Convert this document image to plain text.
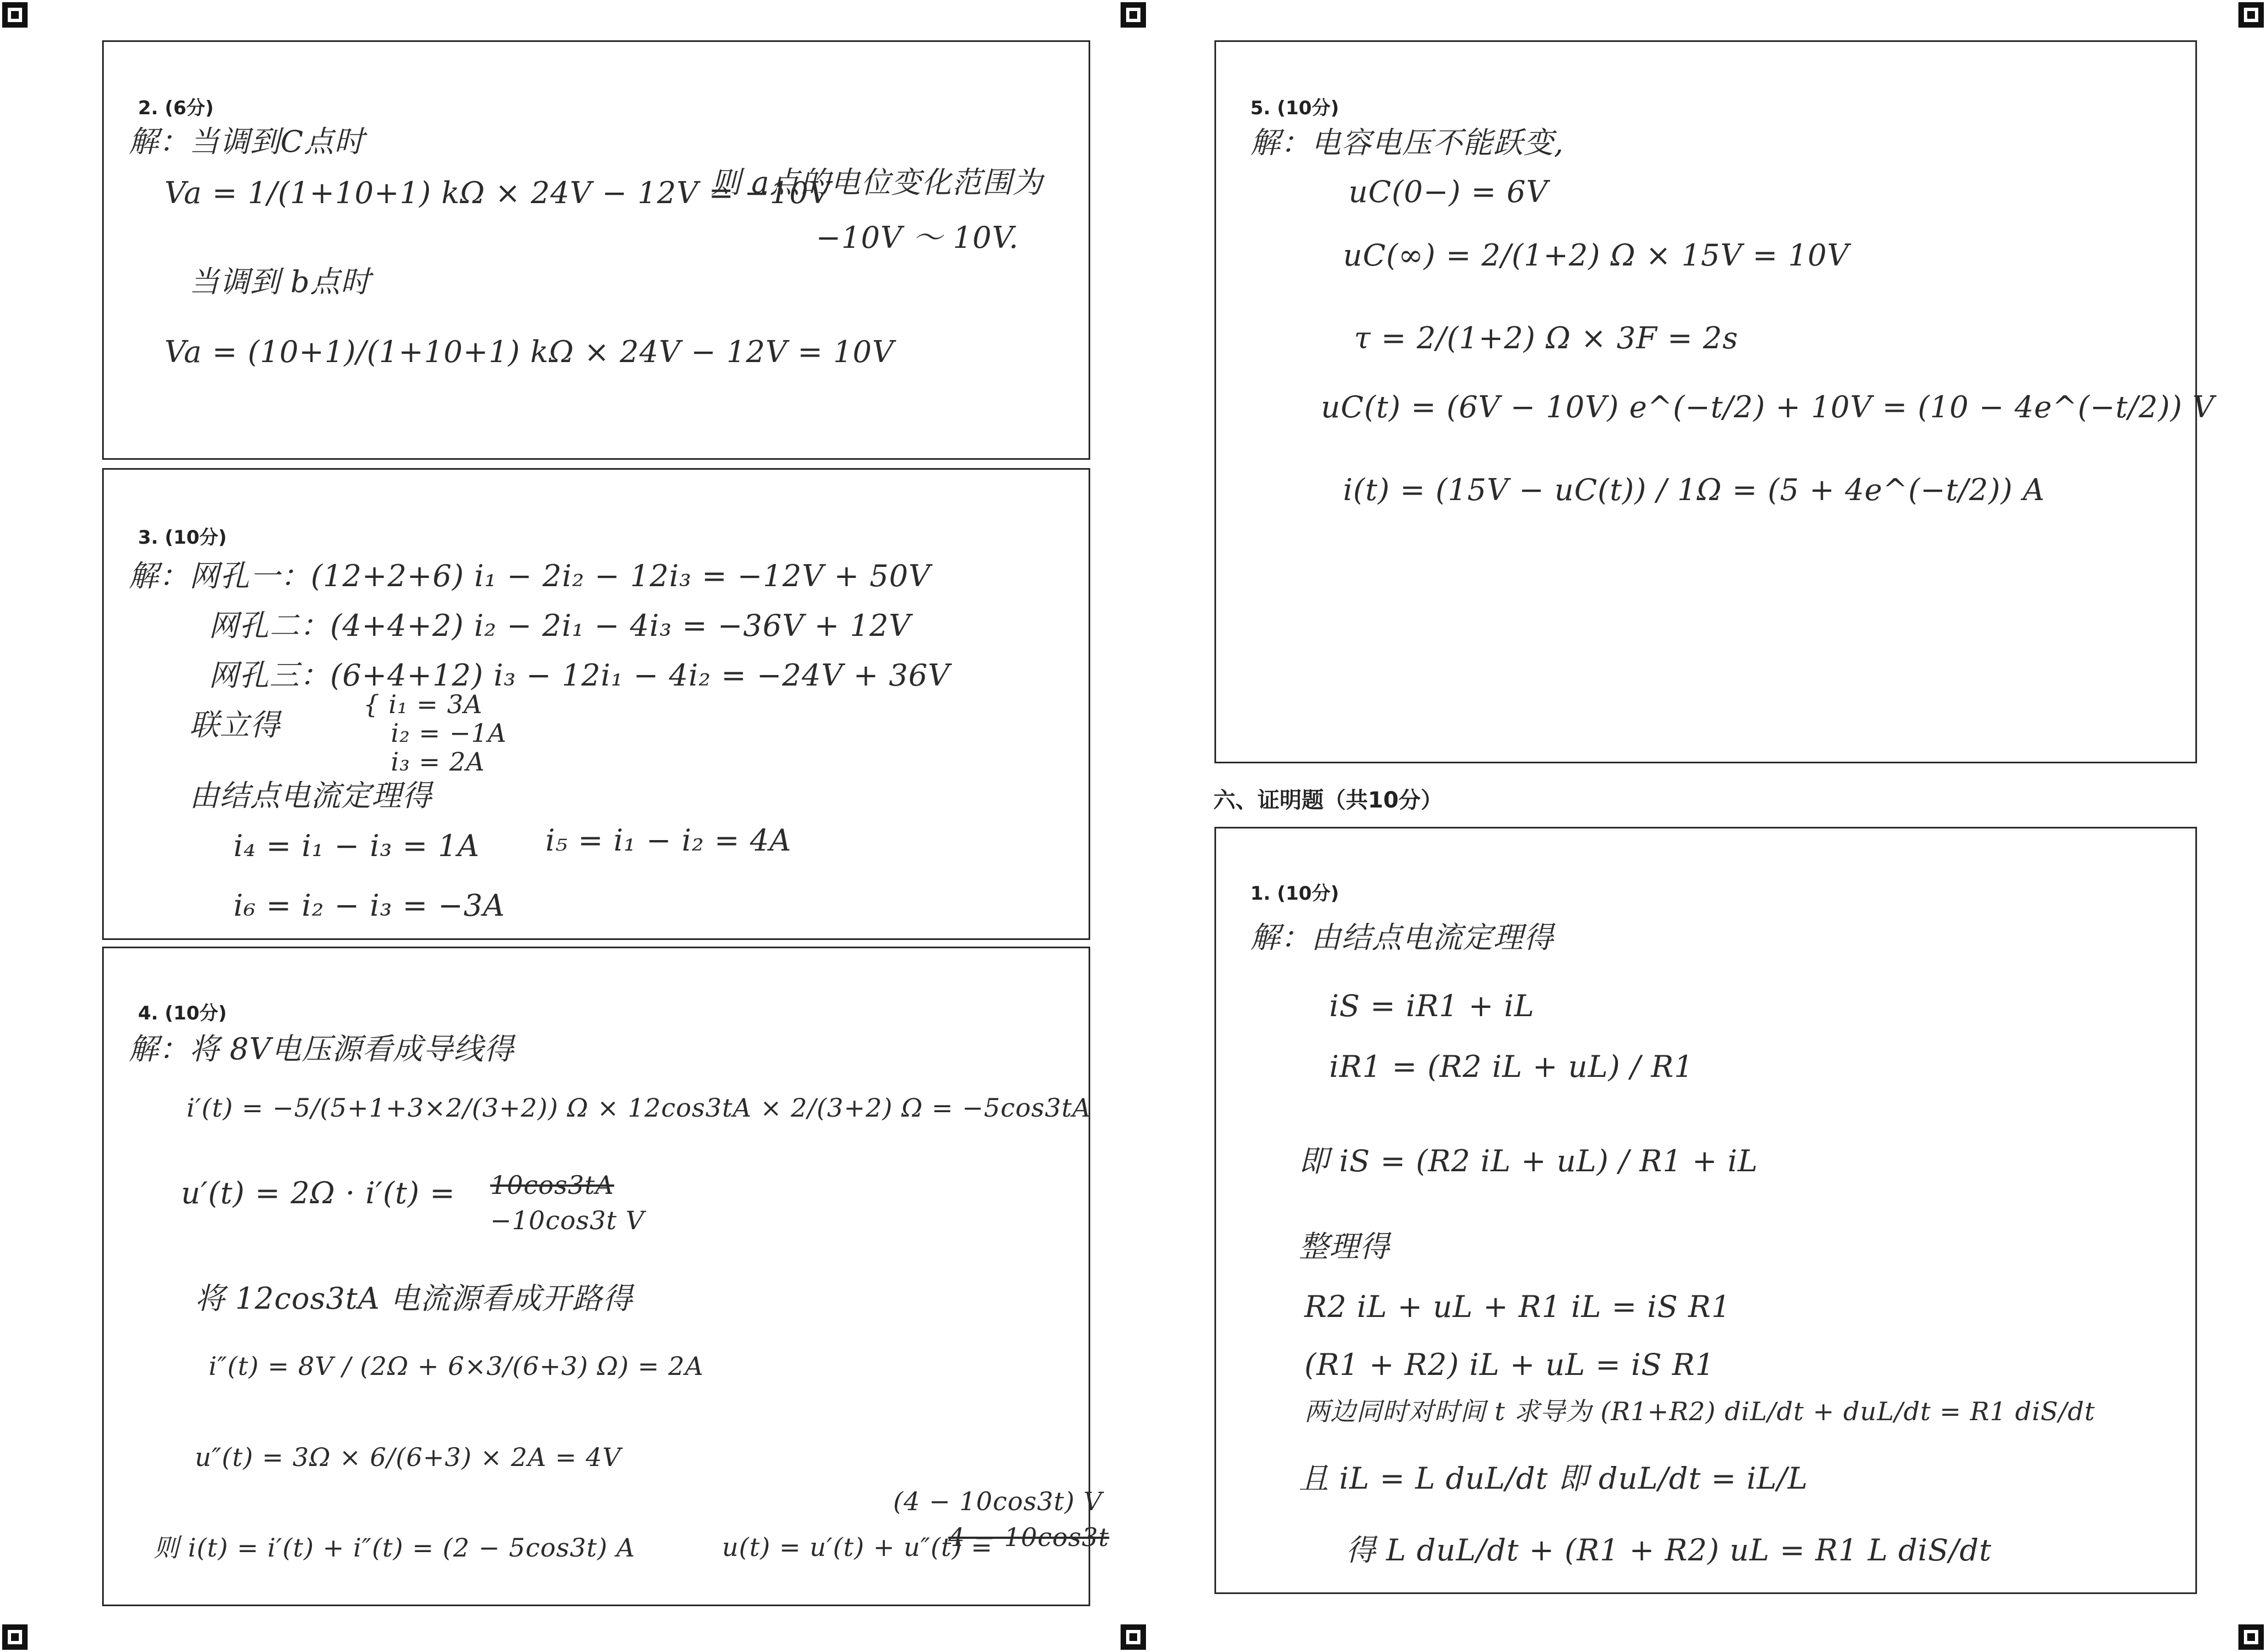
2. (6分)
解：当调到C点时
Va = 1/(1+10+1) kΩ × 24V − 12V = −10V
当调到 b点时
Va = (10+1)/(1+10+1) kΩ × 24V − 12V = 10V
则 a点的电位变化范围为
−10V ～ 10V.
3. (10分)
解：网孔一：(12+2+6) i₁ − 2i₂ − 12i₃ = −12V + 50V
网孔二：(4+4+2) i₂ − 2i₁ − 4i₃ = −36V + 12V
网孔三：(6+4+12) i₃ − 12i₁ − 4i₂ = −24V + 36V
联立得
{ i₁ = 3A
i₂ = −1A
i₃ = 2A
由结点电流定理得
i₄ = i₁ − i₃ = 1A i₅ = i₁ − i₂ = 4A
i₆ = i₂ − i₃ = −3A
4. (10分)
解：将 8V电压源看成导线得
i′(t) = −5/(5+1+3×2/(3+2)) Ω × 12cos3tA × 2/(3+2) Ω = −5cos3tA
u′(t) = 2Ω · i′(t) = 10cos3tA
−10cos3t V
将 12cos3tA 电流源看成开路得
i″(t) = 8V / (2Ω + 6×3/(6+3) Ω) = 2A
u″(t) = 3Ω × 6/(6+3) × 2A = 4V
则 i(t) = i′(t) + i″(t) = (2 − 5cos3t) A	u(t) = u′(t) + u″(t) =
4 − 10cos3t
(4 − 10cos3t) V
5. (10分)
解：电容电压不能跃变,
uC(0−) = 6V
uC(∞) = 2/(1+2) Ω × 15V = 10V
τ = 2/(1+2) Ω × 3F = 2s
uC(t) = (6V − 10V) e^(−t/2) + 10V = (10 − 4e^(−t/2)) V
i(t) = (15V − uC(t)) / 1Ω = (5 + 4e^(−t/2)) A
六、证明题（共10分）
1. (10分)
解：由结点电流定理得
iS = iR1 + iL
iR1 = (R2 iL + uL) / R1
即 iS = (R2 iL + uL) / R1 + iL
整理得
R2 iL + uL + R1 iL = iS R1
(R1 + R2) iL + uL = iS R1
两边同时对时间 t 求导为 (R1+R2) diL/dt + duL/dt = R1 diS/dt
且 iL = L duL/dt 即 duL/dt = iL/L
得 L duL/dt + (R1 + R2) uL = R1 L diS/dt
